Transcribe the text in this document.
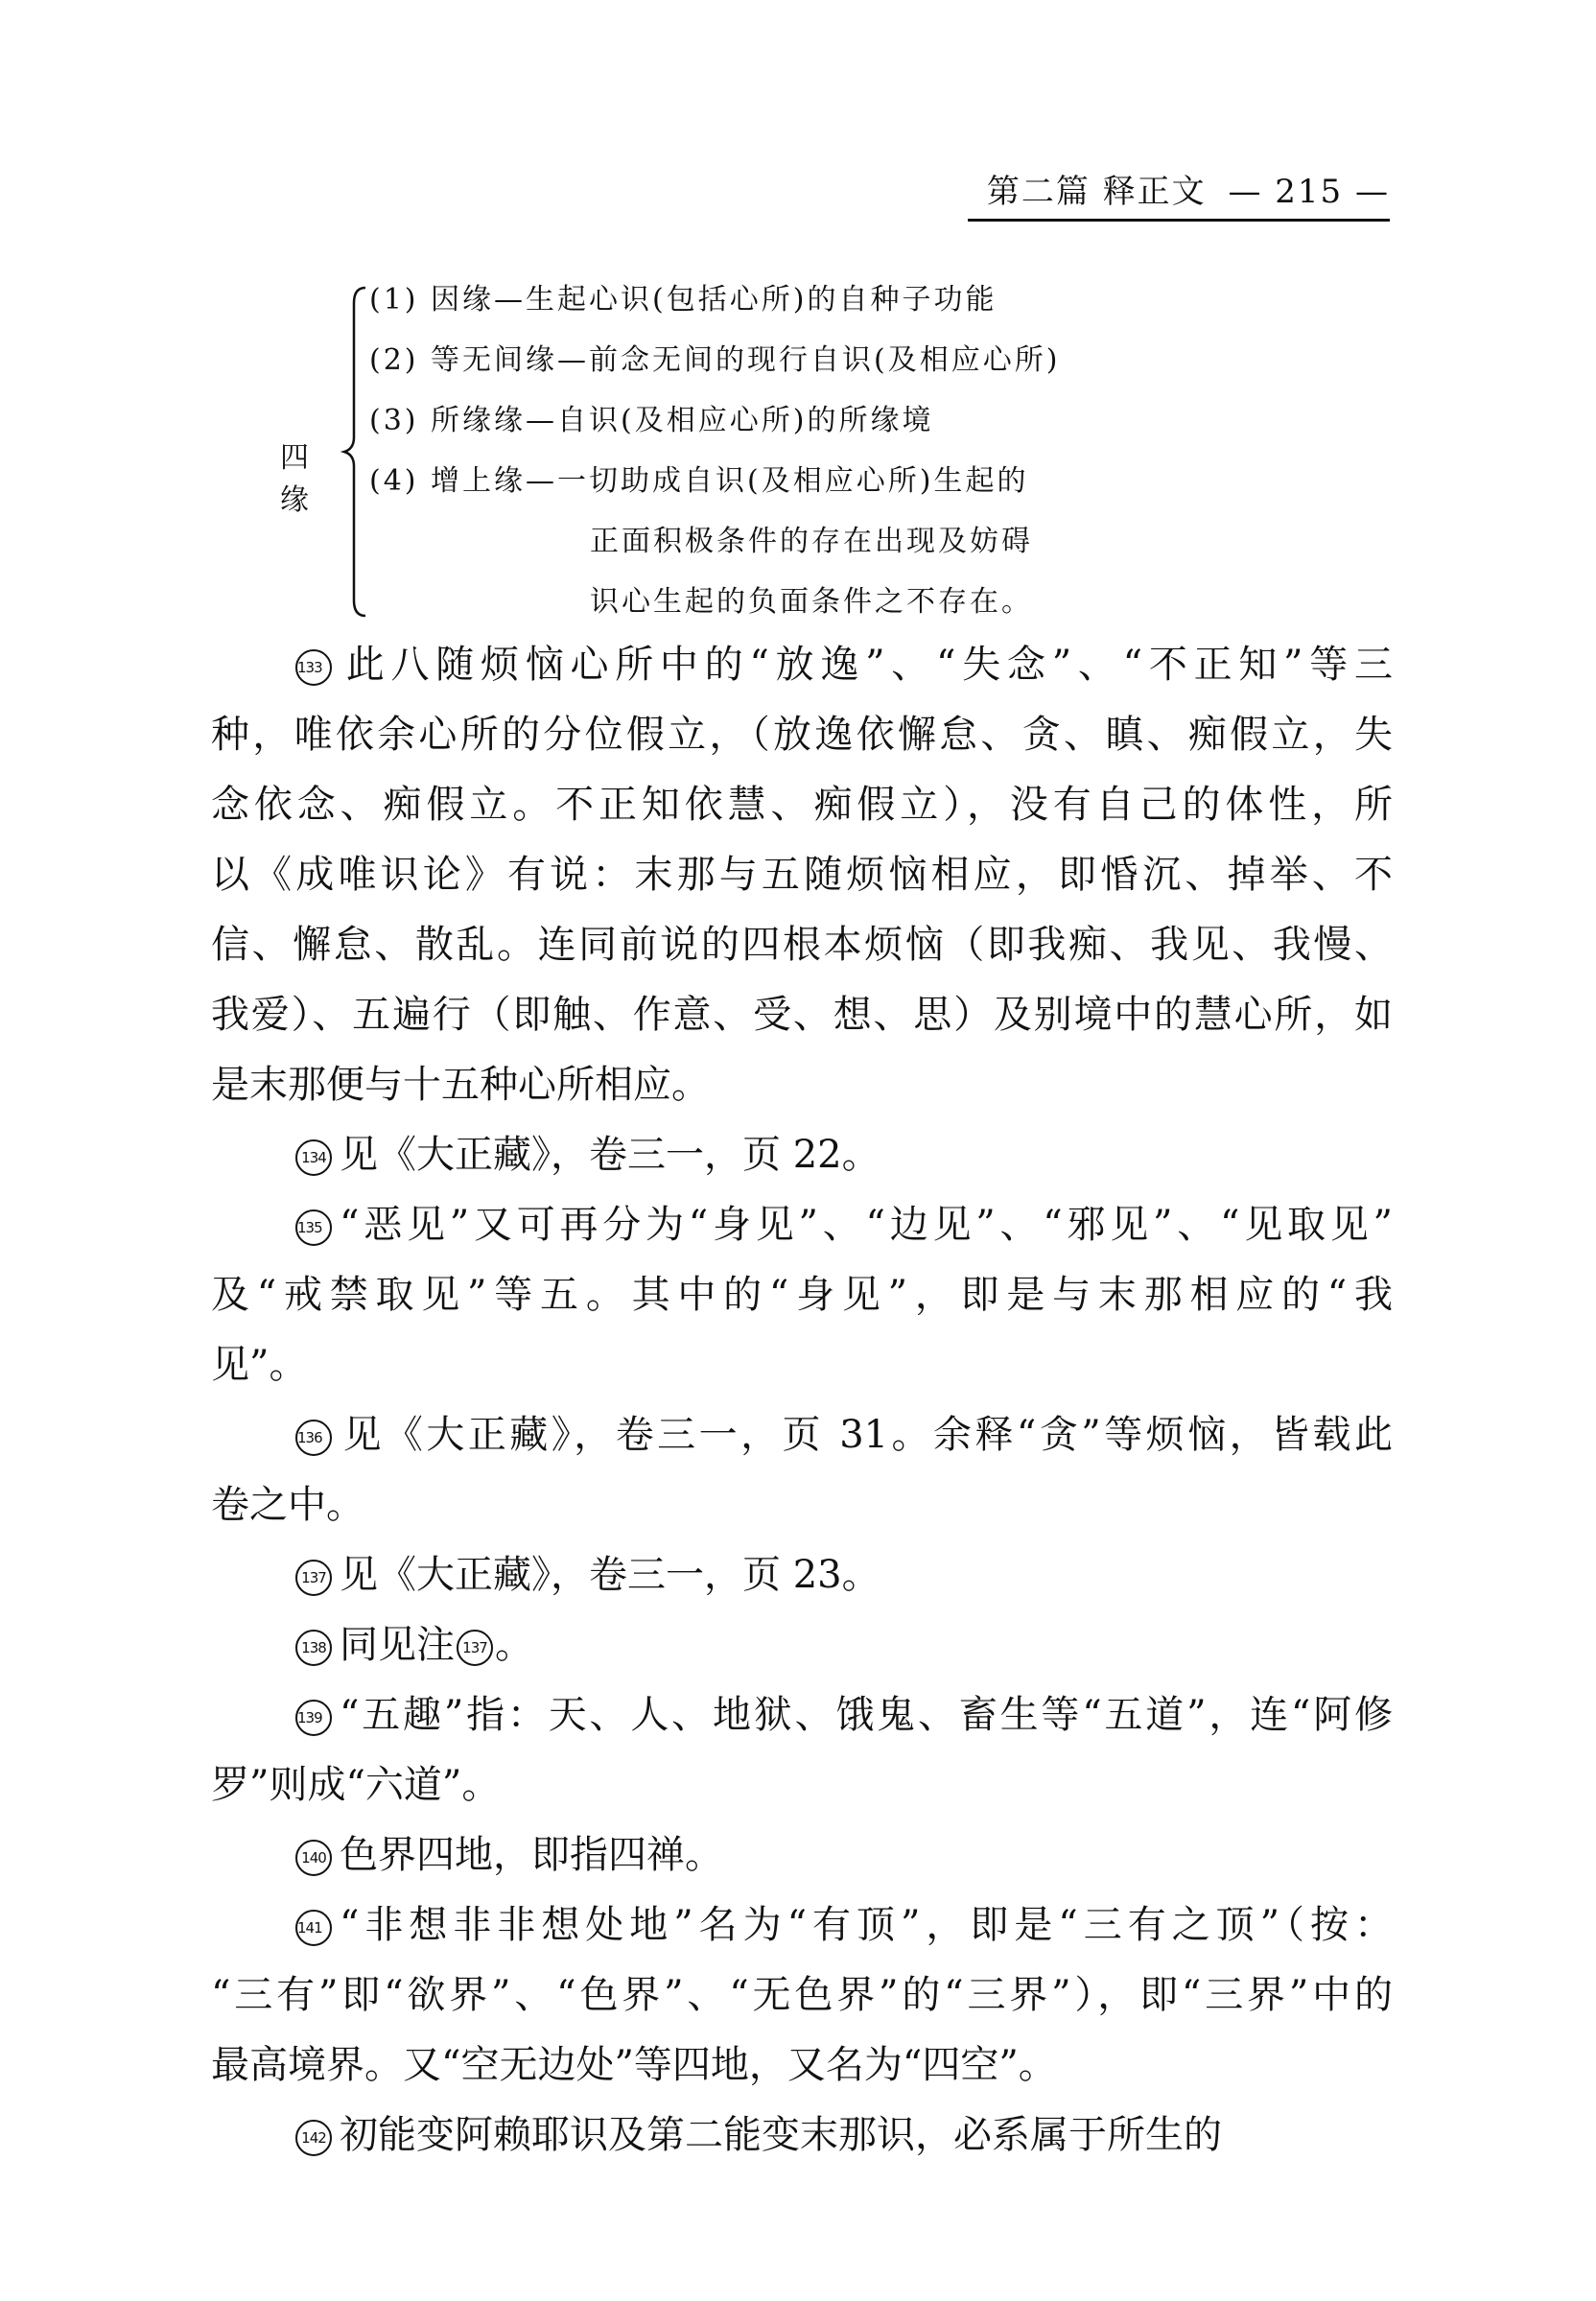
第二篇 释正文 — 215 —
四缘
(1) 因缘—生起心识(包括心所)的自种子功能
(2) 等无间缘—前念无间的现行自识(及相应心所)
(3) 所缘缘—自识(及相应心所)的所缘境
(4) 增上缘—一切助成自识(及相应心所)生起的
正面积极条件的存在出现及妨碍
识心生起的负面条件之不存在。
133 此八随烦恼心所中的“放逸”、“失念”、“不正知”等三
种，唯依余心所的分位假立，（放逸依懈怠、贪、瞋、痴假立，失
念依念、痴假立。不正知依慧、痴假立），没有自己的体性，所
以《成唯识论》有说：末那与五随烦恼相应，即惛沉、掉举、不
信、懈怠、散乱。连同前说的四根本烦恼（即我痴、我见、我慢、
我爱）、五遍行（即触、作意、受、想、思）及别境中的慧心所，如
是末那便与十五种心所相应。
134 见《大正藏》，卷三一，页 22。
135 “恶见”又可再分为“身见”、“边见”、“邪见”、“见取见”
及“戒禁取见”等五。其中的“身见”，即是与末那相应的“我
见”。
136 见《大正藏》，卷三一，页 31。余释“贪”等烦恼，皆载此
卷之中。
137 见《大正藏》，卷三一，页 23。
138 同见注 137 。
139 “五趣”指：天、人、地狱、饿鬼、畜生等“五道”，连“阿修
罗”则成“六道”。
140 色界四地，即指四禅。
141 “非想非非想处地”名为“有顶”，即是“三有之顶”（按：
“三有”即“欲界”、“色界”、“无色界”的“三界”），即“三界”中的
最高境界。又“空无边处”等四地，又名为“四空”。
142 初能变阿赖耶识及第二能变末那识，必系属于所生的
